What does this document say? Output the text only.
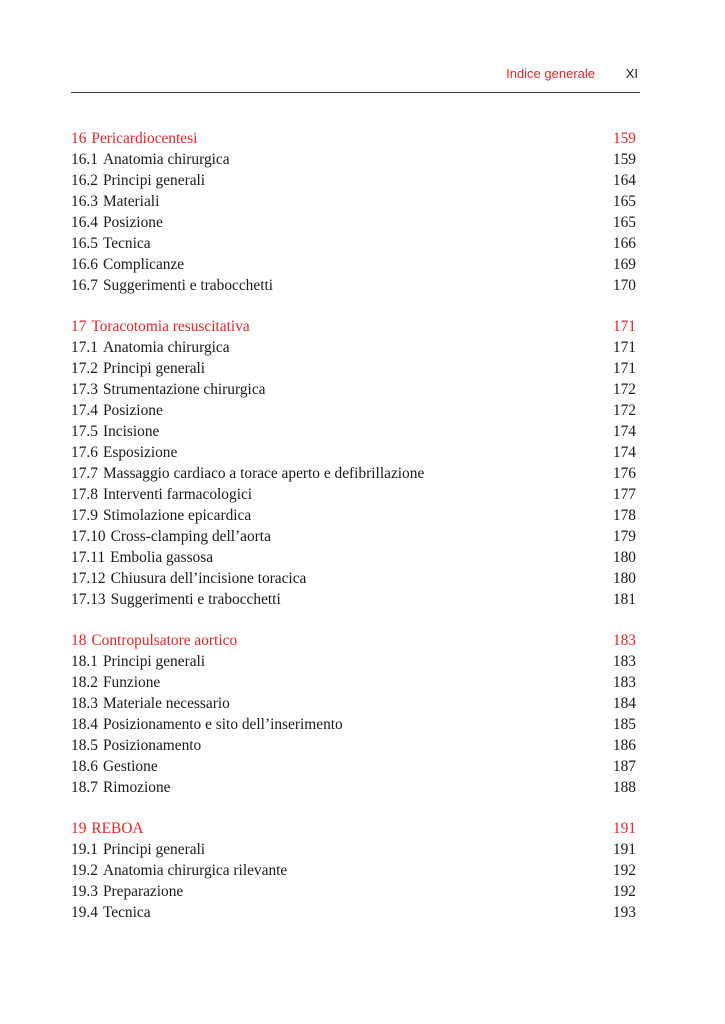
Indice generale XI
16 Pericardiocentesi	159
16.1 Anatomia chirurgica	159
16.2 Principi generali	164
16.3 Materiali	165
16.4 Posizione	165
16.5 Tecnica	166
16.6 Complicanze	169
16.7 Suggerimenti e trabocchetti	170
17 Toracotomia resuscitativa	171
17.1 Anatomia chirurgica	171
17.2 Principi generali	171
17.3 Strumentazione chirurgica	172
17.4 Posizione	172
17.5 Incisione	174
17.6 Esposizione	174
17.7 Massaggio cardiaco a torace aperto e defibrillazione	176
17.8 Interventi farmacologici	177
17.9 Stimolazione epicardica	178
17.10 Cross-clamping dell’aorta	179
17.11 Embolia gassosa	180
17.12 Chiusura dell’incisione toracica	180
17.13 Suggerimenti e trabocchetti	181
18 Contropulsatore aortico	183
18.1 Principi generali	183
18.2 Funzione	183
18.3 Materiale necessario	184
18.4 Posizionamento e sito dell’inserimento	185
18.5 Posizionamento	186
18.6 Gestione	187
18.7 Rimozione	188
19 REBOA	191
19.1 Principi generali	191
19.2 Anatomia chirurgica rilevante	192
19.3 Preparazione	192
19.4 Tecnica	193
